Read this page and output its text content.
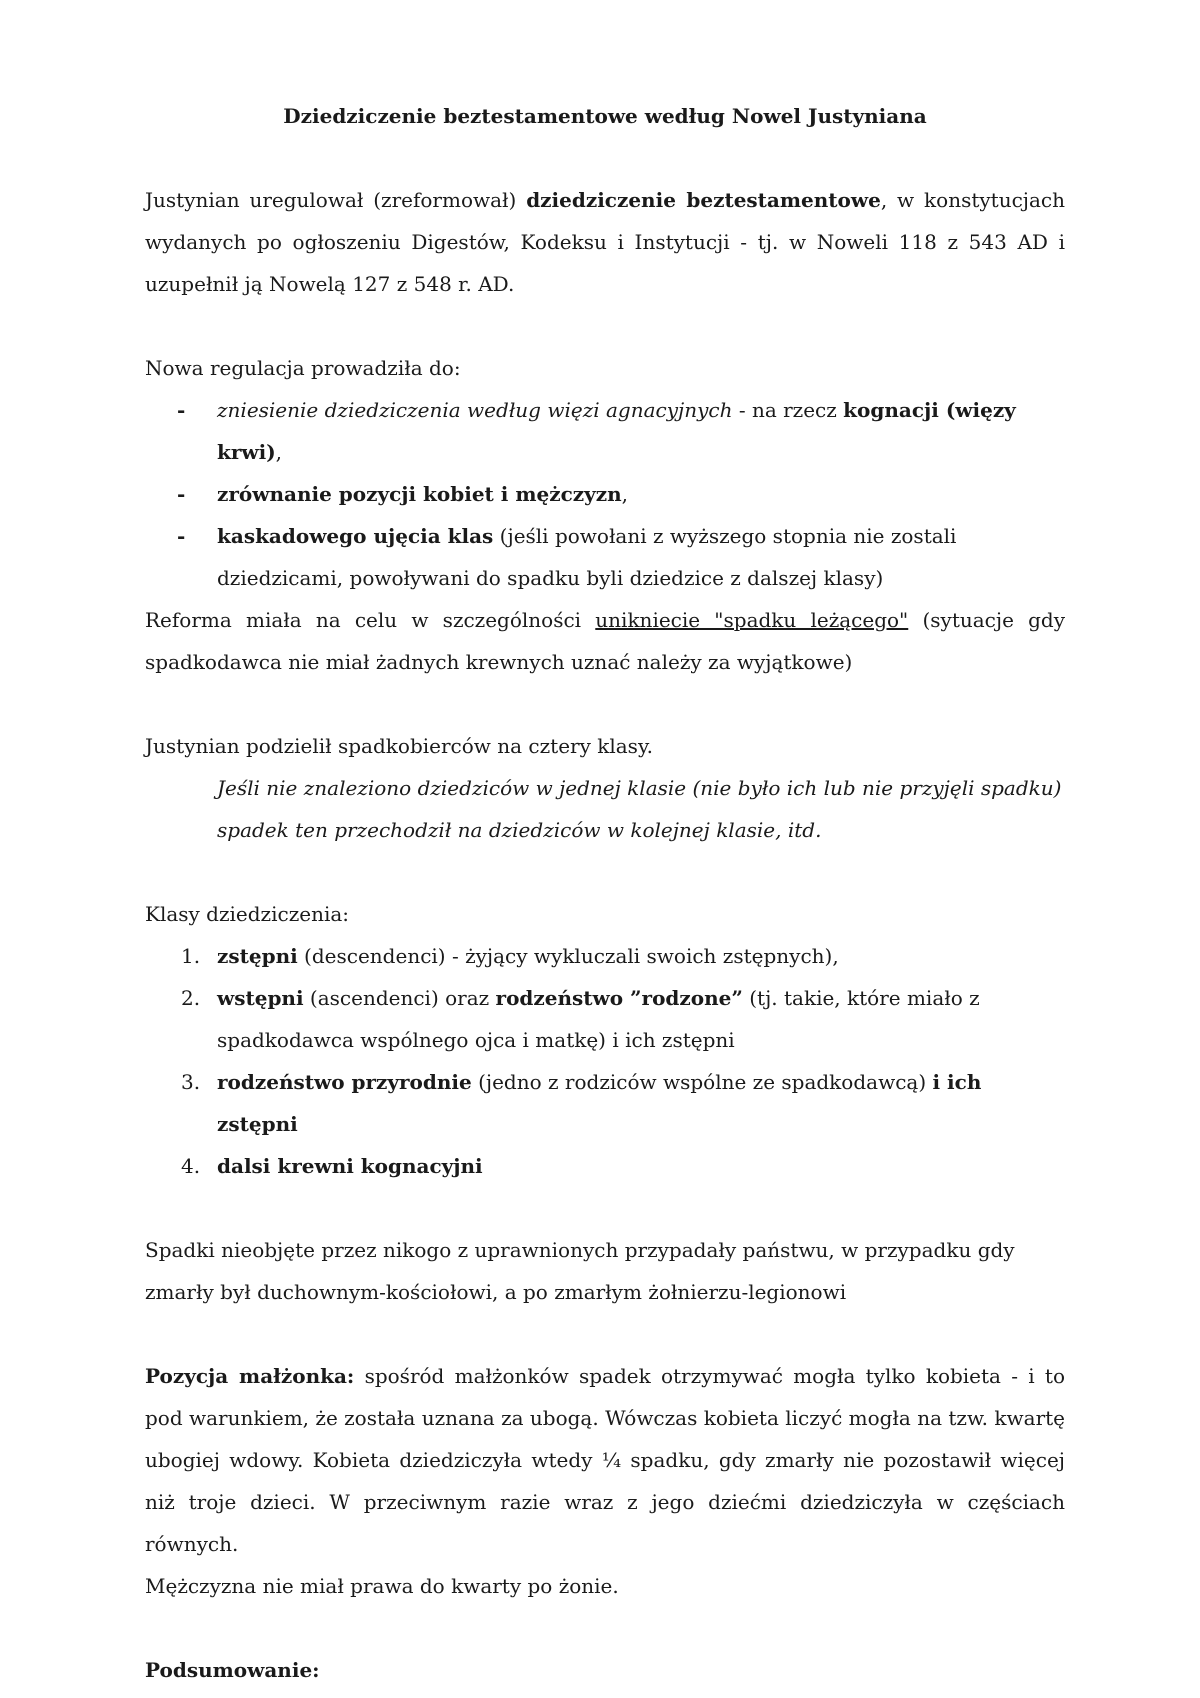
Dziedziczenie beztestamentowe według Nowel Justyniana

Justynian uregulował (zreformował) dziedziczenie beztestamentowe, w konstytucjach wydanych po ogłoszeniu Digestów, Kodeksu i Instytucji - tj. w Noweli 118 z 543 AD i uzupełnił ją Nowelą 127 z 548 r. AD.

Nowa regulacja prowadziła do:

- zniesienie dziedziczenia według więzi agnacyjnych - na rzecz kognacji (więzy krwi),
- zrównanie pozycji kobiet i mężczyzn,
- kaskadowego ujęcia klas (jeśli powołani z wyższego stopnia nie zostali dziedzicami, powoływani do spadku byli dziedzice z dalszej klasy)

Reforma miała na celu w szczególności unikniecie "spadku leżącego" (sytuacje gdy spadkodawca nie miał żadnych krewnych uznać należy za wyjątkowe)

Justynian podzielił spadkobierców na cztery klasy.

Jeśli nie znaleziono dziedziców w jednej klasie (nie było ich lub nie przyjęli spadku) spadek ten przechodził na dziedziców w kolejnej klasie, itd.

Klasy dziedziczenia:

1. zstępni (descendenci) - żyjący wykluczali swoich zstępnych),
2. wstępni (ascendenci) oraz rodzeństwo ”rodzone” (tj. takie, które miało z spadkodawca wspólnego ojca i matkę) i ich zstępni
3. rodzeństwo przyrodnie (jedno z rodziców wspólne ze spadkodawcą) i ich zstępni
4. dalsi krewni kognacyjni

Spadki nieobjęte przez nikogo z uprawnionych przypadały państwu, w przypadku gdy zmarły był duchownym-kościołowi, a po zmarłym żołnierzu-legionowi

Pozycja małżonka: spośród małżonków spadek otrzymywać mogła tylko kobieta - i to pod warunkiem, że została uznana za ubogą. Wówczas kobieta liczyć mogła na tzw. kwartę ubogiej wdowy. Kobieta dziedziczyła wtedy ¼ spadku, gdy zmarły nie pozostawił więcej niż troje dzieci. W przeciwnym razie wraz z jego dziećmi dziedziczyła w częściach równych.

Mężczyzna nie miał prawa do kwarty po żonie.

Podsumowanie:
